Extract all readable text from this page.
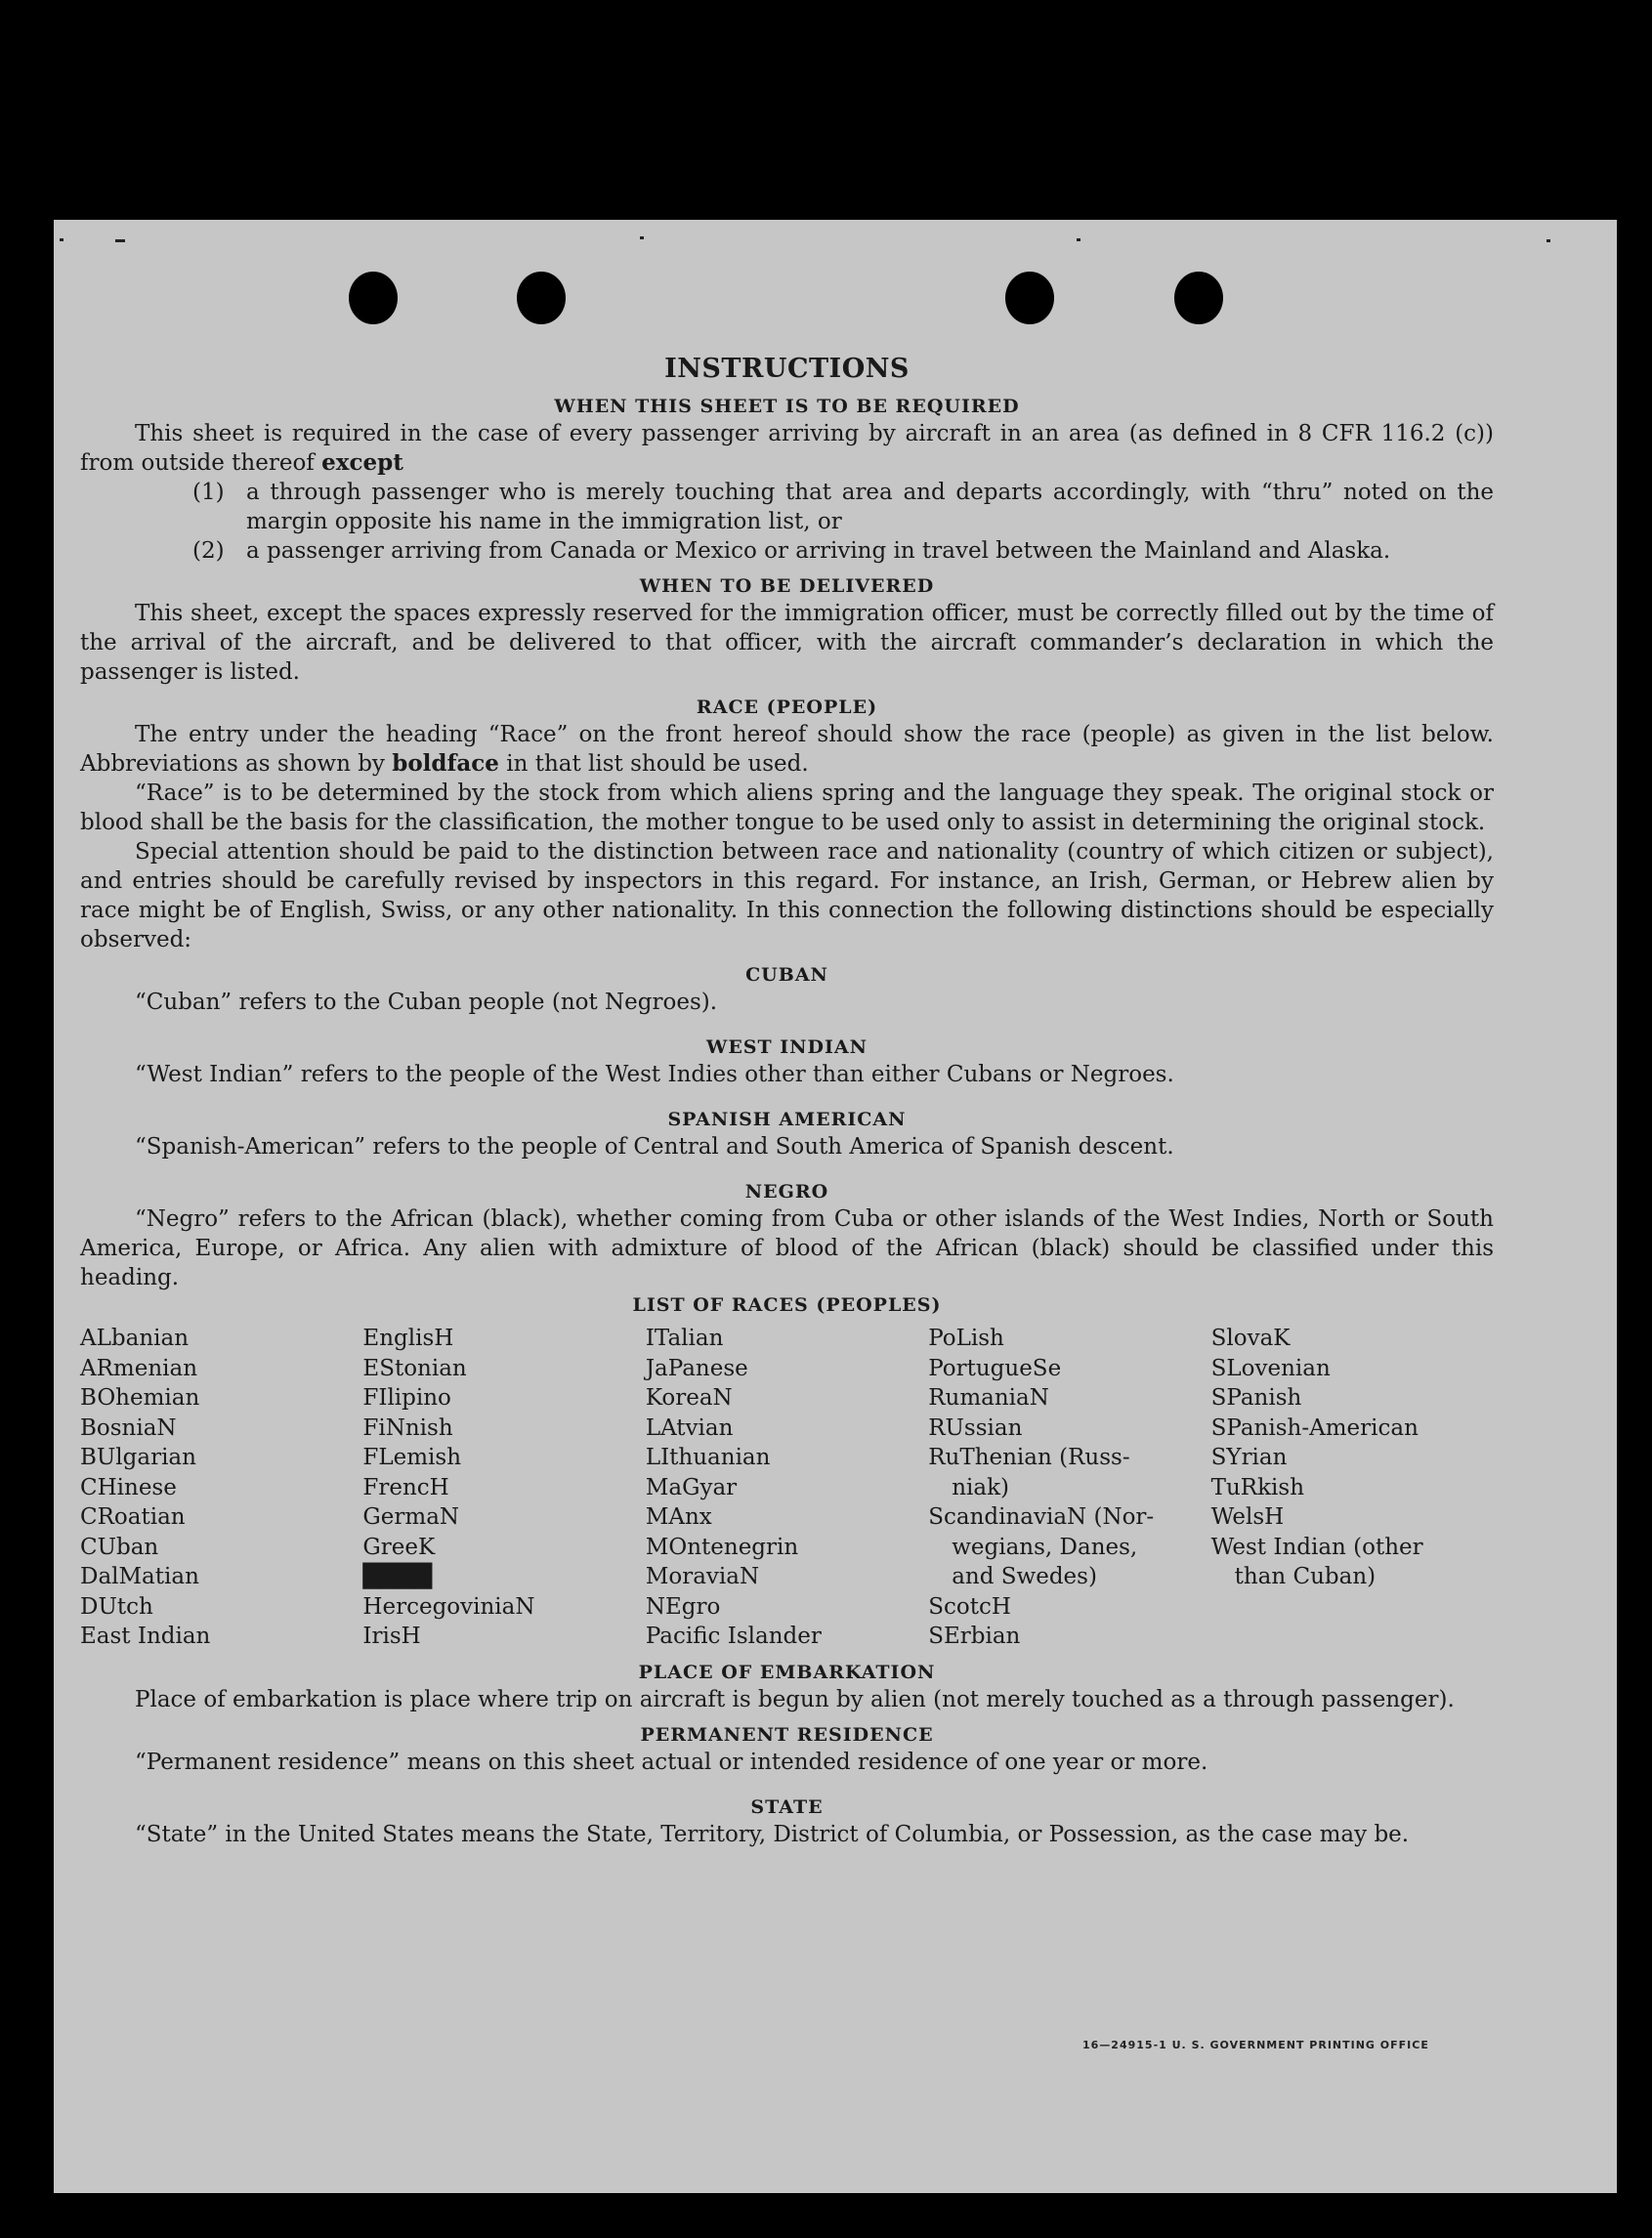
INSTRUCTIONS
WHEN THIS SHEET IS TO BE REQUIRED

This sheet is required in the case of every passenger arriving by aircraft in an area (as defined in 8 CFR 116.2 (c)) from outside thereof except

(1) a through passenger who is merely touching that area and departs accordingly, with “thru” noted on the margin opposite his name in the immigration list, or
(2) a passenger arriving from Canada or Mexico or arriving in travel between the Mainland and Alaska.
WHEN TO BE DELIVERED

This sheet, except the spaces expressly reserved for the immigration officer, must be correctly filled out by the time of the arrival of the aircraft, and be delivered to that officer, with the aircraft commander’s declaration in which the passenger is listed.

RACE (PEOPLE)

The entry under the heading “Race” on the front hereof should show the race (people) as given in the list below. Abbreviations as shown by boldface in that list should be used.

“Race” is to be determined by the stock from which aliens spring and the language they speak. The original stock or blood shall be the basis for the classification, the mother tongue to be used only to assist in determining the original stock.

Special attention should be paid to the distinction between race and nationality (country of which citizen or subject), and entries should be carefully revised by inspectors in this regard. For instance, an Irish, German, or Hebrew alien by race might be of English, Swiss, or any other nationality. In this connection the following distinctions should be especially observed:

CUBAN

“Cuban” refers to the Cuban people (not Negroes).

WEST INDIAN

“West Indian” refers to the people of the West Indies other than either Cubans or Negroes.

SPANISH AMERICAN

“Spanish-American” refers to the people of Central and South America of Spanish descent.

NEGRO

“Negro” refers to the African (black), whether coming from Cuba or other islands of the West Indies, North or South America, Europe, or Africa. Any alien with admixture of blood of the African (black) should be classified under this heading.

LIST OF RACES (PEOPLES)
ALbanian
ARmenian
BOhemian
BosniaN
BUlgarian
CHinese
CRoatian
CUban
DalMatian
DUtch
East Indian
EnglisH
EStonian
FIlipino
FiNnish
FLemish
FrencH
GermaN
GreeK
████
HercegoviniaN
IrisH
ITalian
JaPanese
KoreaN
LAtvian
LIthuanian
MaGyar
MAnx
MOntenegrin
MoraviaN
NEgro
Pacific Islander
PoLish
PortugueSe
RumaniaN
RUssian
RuThenian (Russ-
niak)
ScandinaviaN (Nor-
wegians, Danes,
and Swedes)
ScotcH
SErbian
SlovaK
SLovenian
SPanish
SPanish-American
SYrian
TuRkish
WelsH
West Indian (other
than Cuban)
PLACE OF EMBARKATION

Place of embarkation is place where trip on aircraft is begun by alien (not merely touched as a through passenger).

PERMANENT RESIDENCE

“Permanent residence” means on this sheet actual or intended residence of one year or more.

STATE

“State” in the United States means the State, Territory, District of Columbia, or Possession, as the case may be.

16—24915-1 U. S. GOVERNMENT PRINTING OFFICE
